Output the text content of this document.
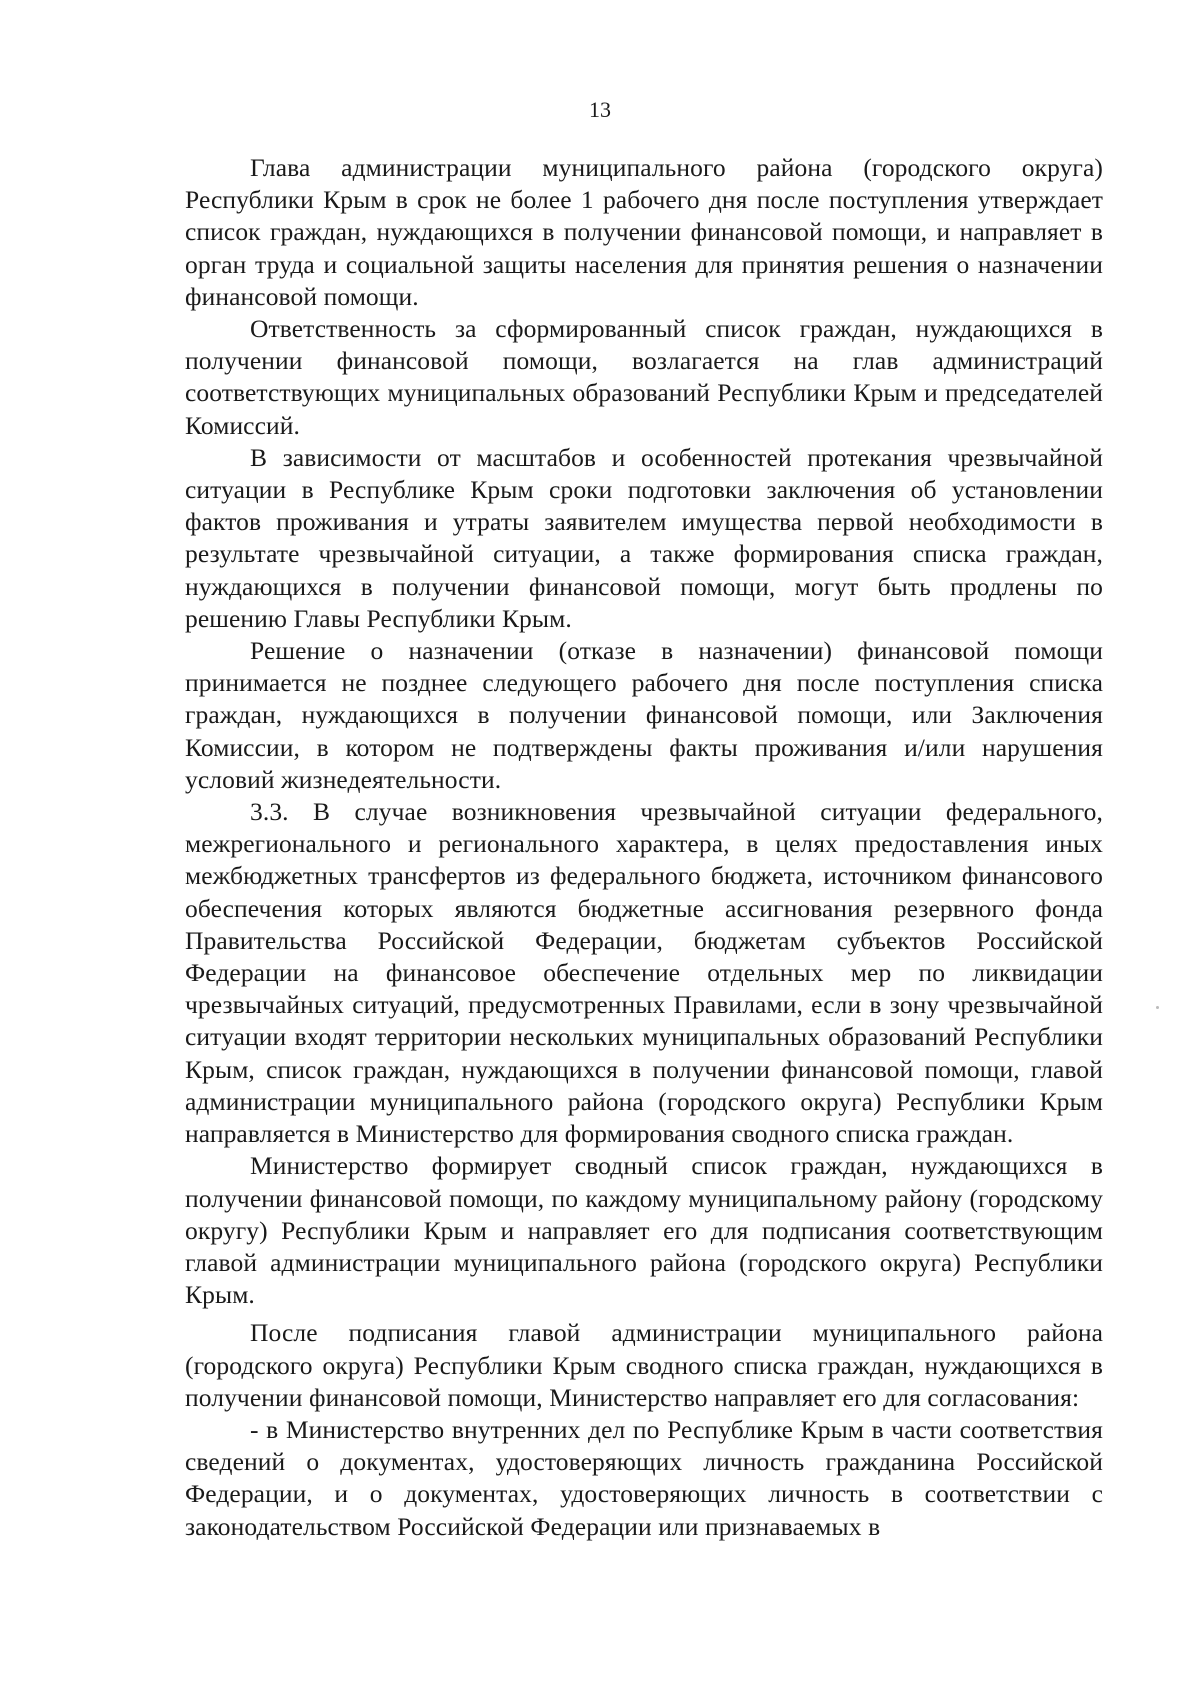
13

Глава администрации муниципального района (городского округа) Республики Крым в срок не более 1 рабочего дня после поступления утверждает список граждан, нуждающихся в получении финансовой помощи, и направляет в орган труда и социальной защиты населения для принятия решения о назначении финансовой помощи.

Ответственность за сформированный список граждан, нуждающихся в получении финансовой помощи, возлагается на глав администраций соответствующих муниципальных образований Республики Крым и председателей Комиссий.

В зависимости от масштабов и особенностей протекания чрезвычайной ситуации в Республике Крым сроки подготовки заключения об установлении фактов проживания и утраты заявителем имущества первой необходимости в результате чрезвычайной ситуации, а также формирования списка граждан, нуждающихся в получении финансовой помощи, могут быть продлены по решению Главы Республики Крым.

Решение о назначении (отказе в назначении) финансовой помощи принимается не позднее следующего рабочего дня после поступления списка граждан, нуждающихся в получении финансовой помощи, или Заключения Комиссии, в котором не подтверждены факты проживания и/или нарушения условий жизнедеятельности.

3.3. В случае возникновения чрезвычайной ситуации федерального, межрегионального и регионального характера, в целях предоставления иных межбюджетных трансфертов из федерального бюджета, источником финансового обеспечения которых являются бюджетные ассигнования резервного фонда Правительства Российской Федерации, бюджетам субъектов Российской Федерации на финансовое обеспечение отдельных мер по ликвидации чрезвычайных ситуаций, предусмотренных Правилами, если в зону чрезвычайной ситуации входят территории нескольких муниципальных образований Республики Крым, список граждан, нуждающихся в получении финансовой помощи, главой администрации муниципального района (городского округа) Республики Крым направляется в Министерство для формирования сводного списка граждан.

Министерство формирует сводный список граждан, нуждающихся в получении финансовой помощи, по каждому муниципальному району (городскому округу) Республики Крым и направляет его для подписания соответствующим главой администрации муниципального района (городского округа) Республики Крым.

После подписания главой администрации муниципального района (городского округа) Республики Крым сводного списка граждан, нуждающихся в получении финансовой помощи, Министерство направляет его для согласования:

- в Министерство внутренних дел по Республике Крым в части соответствия сведений о документах, удостоверяющих личность гражданина Российской Федерации, и о документах, удостоверяющих личность в соответствии с законодательством Российской Федерации или признаваемых в
